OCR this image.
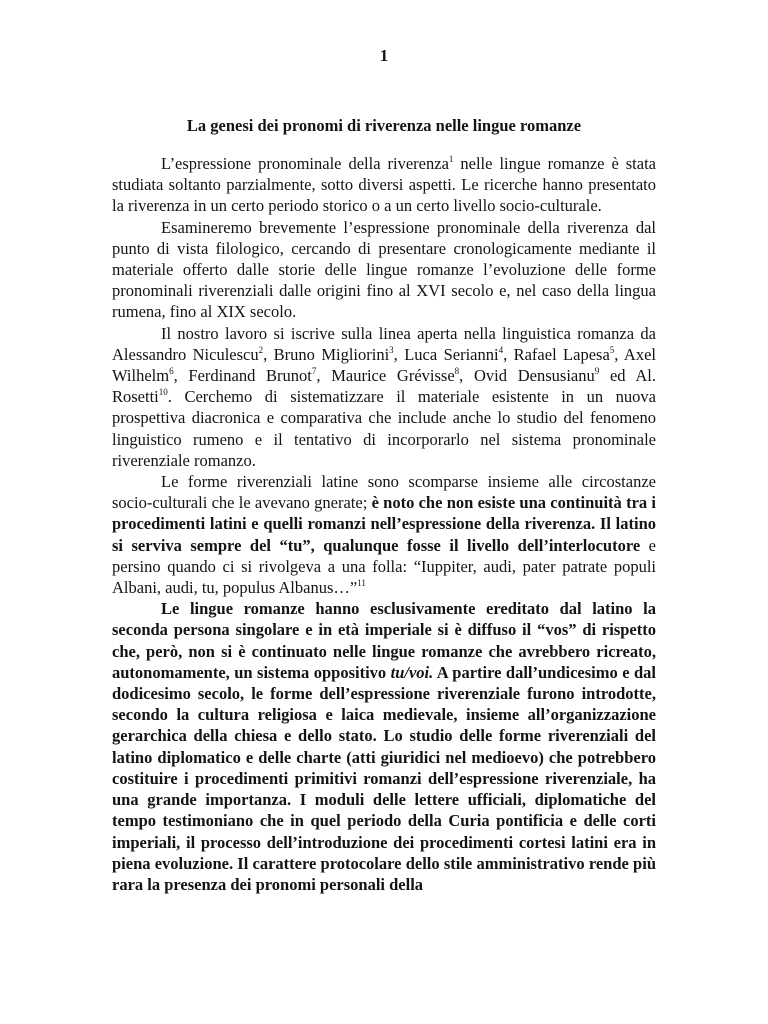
1
La genesi dei pronomi di riverenza nelle lingue romanze

L’espressione pronominale della riverenza$^1$ nelle lingue romanze è stata studiata soltanto parzialmente, sotto diversi aspetti. Le ricerche hanno presentato la riverenza in un certo periodo storico o a un certo livello socio-culturale.

Esamineremo brevemente l’espressione pronominale della riverenza dal punto di vista filologico, cercando di presentare cronologicamente mediante il materiale offerto dalle storie delle lingue romanze l’evoluzione delle forme pronominali riverenziali dalle origini fino al XVI secolo e, nel caso della lingua rumena, fino al XIX secolo.

Il nostro lavoro si iscrive sulla linea aperta nella linguistica romanza da Alessandro Niculescu$^2$, Bruno Migliorini$^3$, Luca Serianni$^4$, Rafael Lapesa$^5$, Axel Wilhelm$^6$, Ferdinand Brunot$^7$, Maurice Grévisse$^8$, Ovid Densusianu$^9$ ed Al. Rosetti$^{10}$. Cerchemo di sistematizzare il materiale esistente in un nuova prospettiva diacronica e comparativa che include anche lo studio del fenomeno linguistico rumeno e il tentativo di incorporarlo nel sistema pronominale riverenziale romanzo.

Le forme riverenziali latine sono scomparse insieme alle circostanze socio-culturali che le avevano gnerate; è noto che non esiste una continuità tra i procedimenti latini e quelli romanzi nell’espressione della riverenza. Il latino si serviva sempre del “tu”, qualunque fosse il livello dell’interlocutore e persino quando ci si rivolgeva a una folla: “Iuppiter, audi, pater patrate populi Albani, audi, tu, populus Albanus…”$^{11}$

Le lingue romanze hanno esclusivamente ereditato dal latino la seconda persona singolare e in età imperiale si è diffuso il “vos” di rispetto che, però, non si è continuato nelle lingue romanze che avrebbero ricreato, autonomamente, un sistema oppositivo tu/voi. A partire dall’undicesimo e dal dodicesimo secolo, le forme dell’espressione riverenziale furono introdotte, secondo la cultura religiosa e laica medievale, insieme all’organizzazione gerarchica della chiesa e dello stato. Lo studio delle forme riverenziali del latino diplomatico e delle charte (atti giuridici nel medioevo) che potrebbero costituire i procedimenti primitivi romanzi dell’espressione riverenziale, ha una grande importanza. I moduli delle lettere ufficiali, diplomatiche del tempo testimoniano che in quel periodo della Curia pontificia e delle corti imperiali, il processo dell’introduzione dei procedimenti cortesi latini era in piena evoluzione. Il carattere protocolare dello stile amministrativo rende più rara la presenza dei pronomi personali della
